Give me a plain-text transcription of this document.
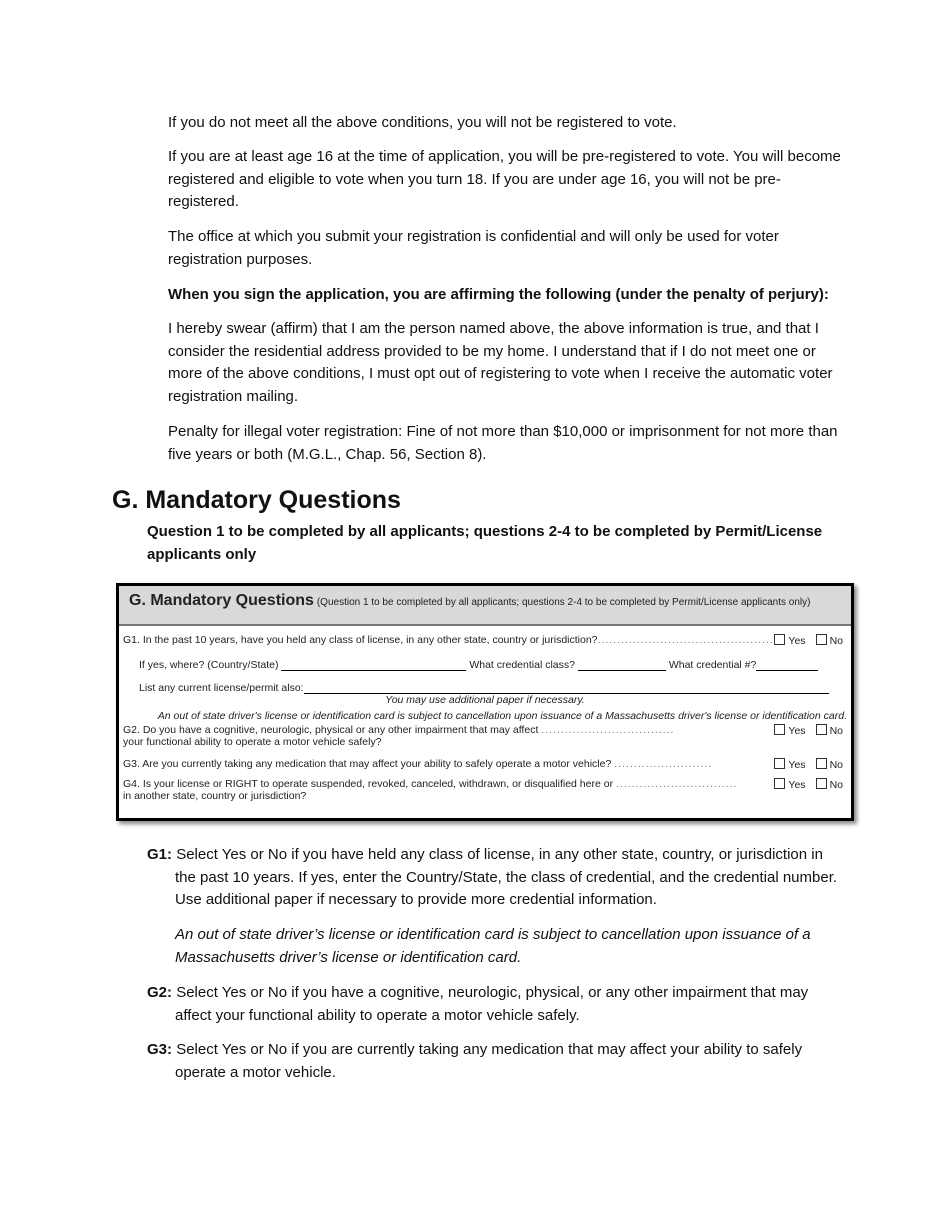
If you do not meet all the above conditions, you will not be registered to vote.
If you are at least age 16 at the time of application, you will be pre-registered to vote. You will become registered and eligible to vote when you turn 18. If you are under age 16, you will not be pre-registered.
The office at which you submit your registration is confidential and will only be used for voter registration purposes.
When you sign the application, you are affirming the following (under the penalty of perjury):
I hereby swear (affirm) that I am the person named above, the above information is true, and that I consider the residential address provided to be my home. I understand that if I do not meet one or more of the above conditions, I must opt out of registering to vote when I receive the automatic voter registration mailing.
Penalty for illegal voter registration: Fine of not more than $10,000 or imprisonment for not more than five years or both (M.G.L., Chap. 56, Section 8).
G. Mandatory Questions
Question 1 to be completed by all applicants; questions 2-4 to be completed by Permit/License applicants only
G. Mandatory Questions (Question 1 to be completed by all applicants; questions 2-4 to be completed by Permit/License applicants only)
G1. In the past 10 years, have you held any class of license, in any other state, country or jurisdiction?.............................................	Yes No
If yes, where? (Country/State)	What credential class?	What credential #?
List any current license/permit also:
You may use additional paper if necessary.
An out of state driver's license or identification card is subject to cancellation upon issuance of a Massachusetts driver's license or identification card.
G2. Do you have a cognitive, neurologic, physical or any other impairment that may affect ..................................
your functional ability to operate a motor vehicle safely?
Yes No
G3. Are you currently taking any medication that may affect your ability to safely operate a motor vehicle? .........................	Yes No
G4. Is your license or RIGHT to operate suspended, revoked, canceled, withdrawn, or disqualified here or ...............................
in another state, country or jurisdiction?
Yes No
G1: Select Yes or No if you have held any class of license, in any other state, country, or jurisdiction in the past 10 years. If yes, enter the Country/State, the class of credential, and the credential number. Use additional paper if necessary to provide more credential information.
An out of state driver’s license or identification card is subject to cancellation upon issuance of a Massachusetts driver’s license or identification card.
G2: Select Yes or No if you have a cognitive, neurologic, physical, or any other impairment that may affect your functional ability to operate a motor vehicle safely.
G3: Select Yes or No if you are currently taking any medication that may affect your ability to safely operate a motor vehicle.
